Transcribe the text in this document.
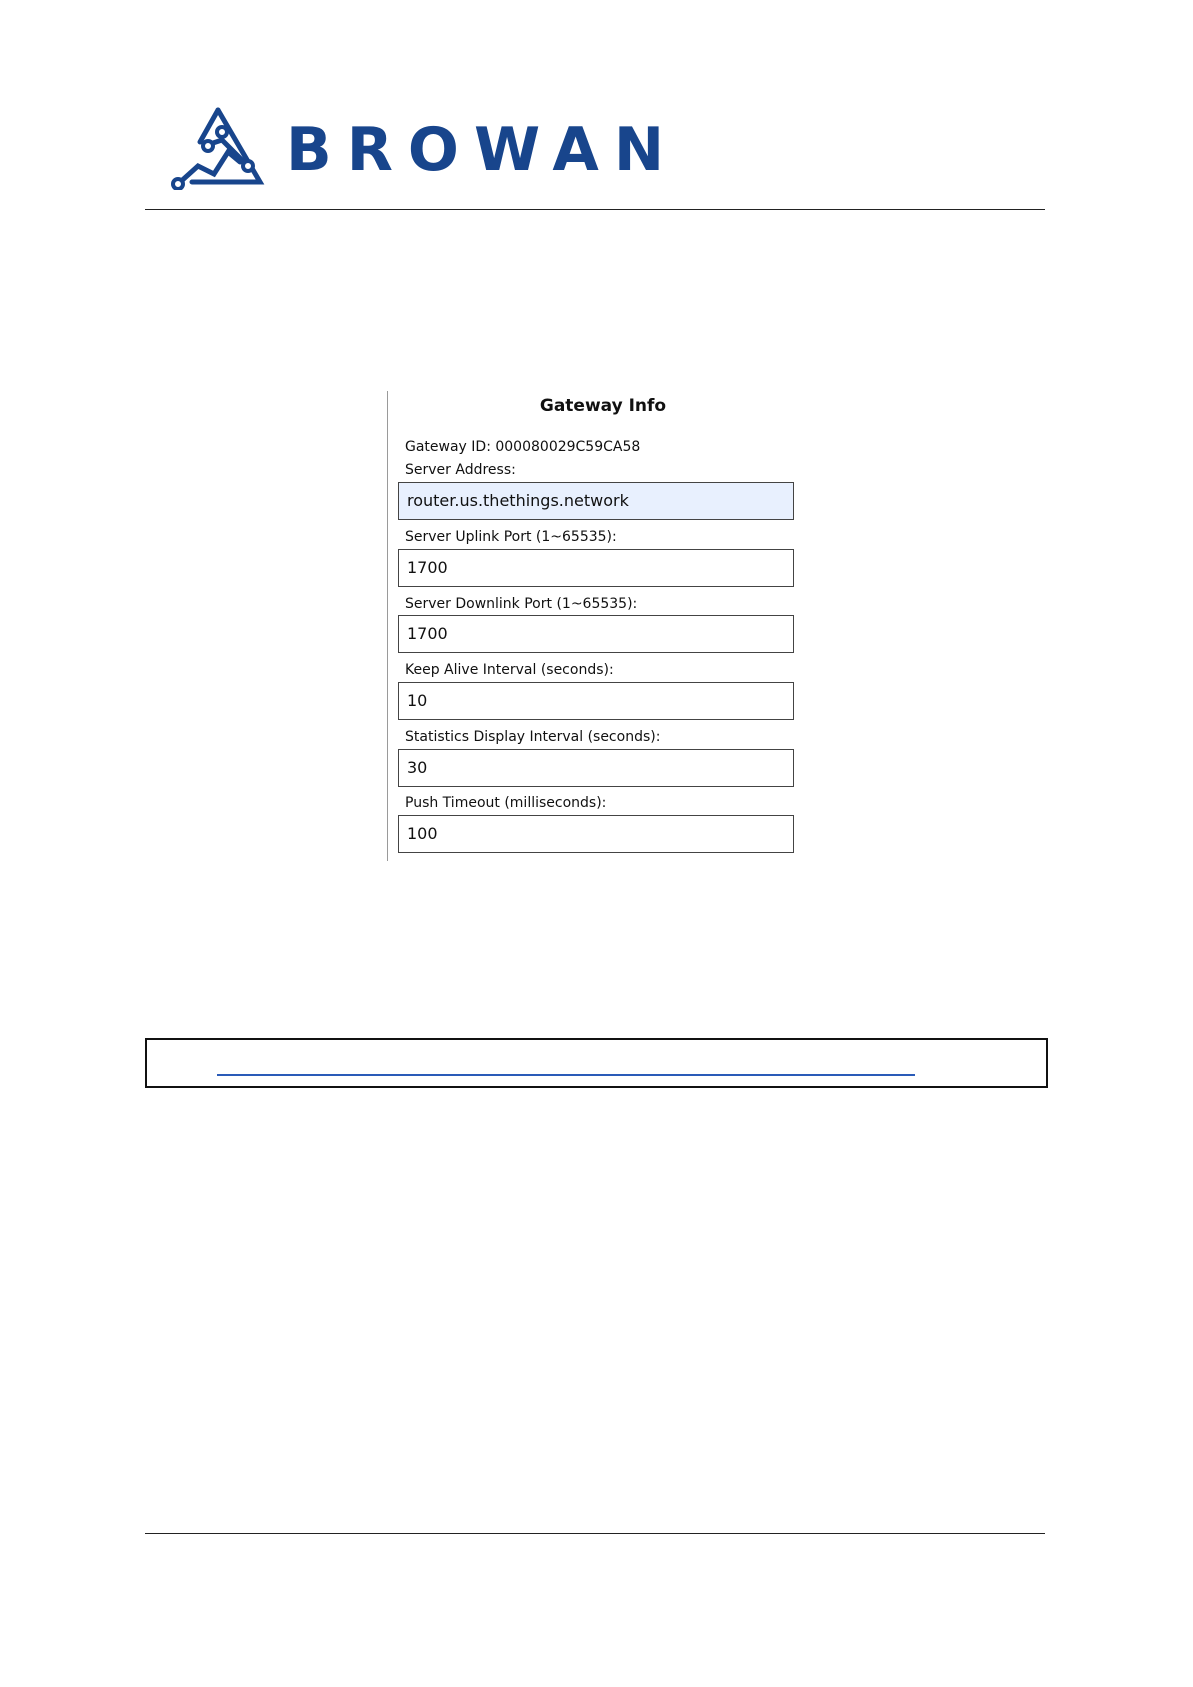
BROWAN
Gateway Info
Gateway ID: 000080029C59CA58
Server Address:
router.us.thethings.network
Server Uplink Port (1~65535):
1700
Server Downlink Port (1~65535):
1700
Keep Alive Interval (seconds):
10
Statistics Display Interval (seconds):
30
Push Timeout (milliseconds):
100
